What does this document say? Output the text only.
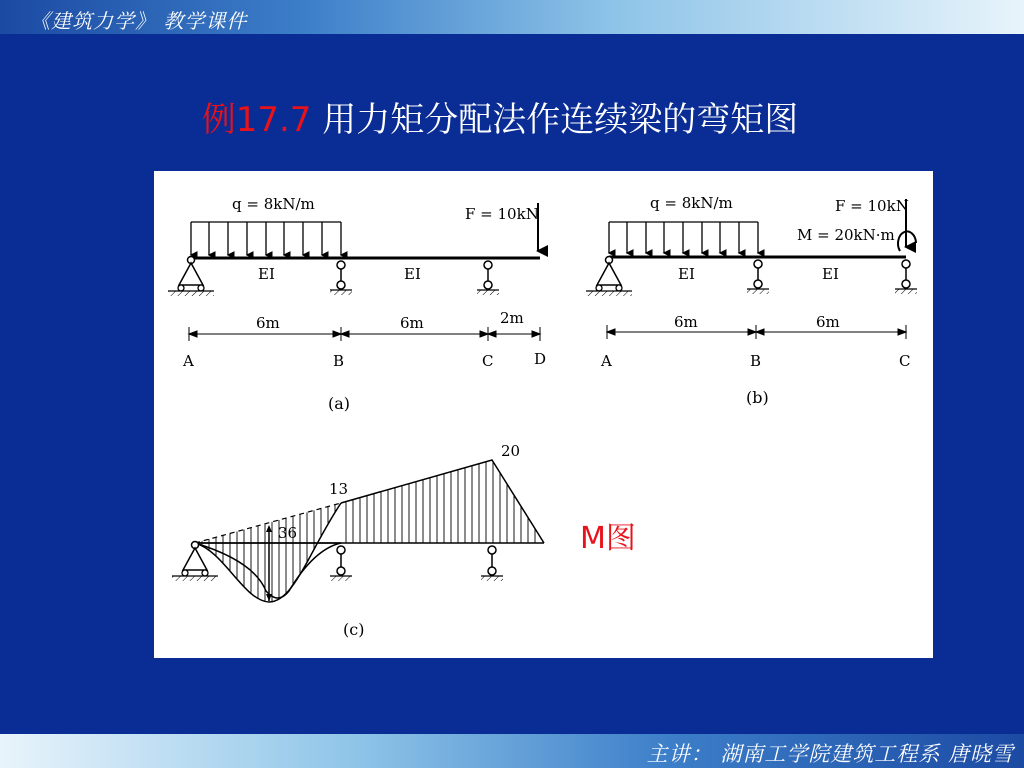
《建筑力学》 教学课件
例17.7 用力矩分配法作连续梁的弯矩图
q = 8kN/m
F = 10kN
EI	EI
6m	6m	2m
A	B	C	D
(a)
q = 8kN/m	F = 10kN
M = 20kN·m
EI	EI
6m	6m
A	B	C
(b)
36
13
20
(c)
M图
主讲： 湖南工学院建筑工程系 唐晓雪
